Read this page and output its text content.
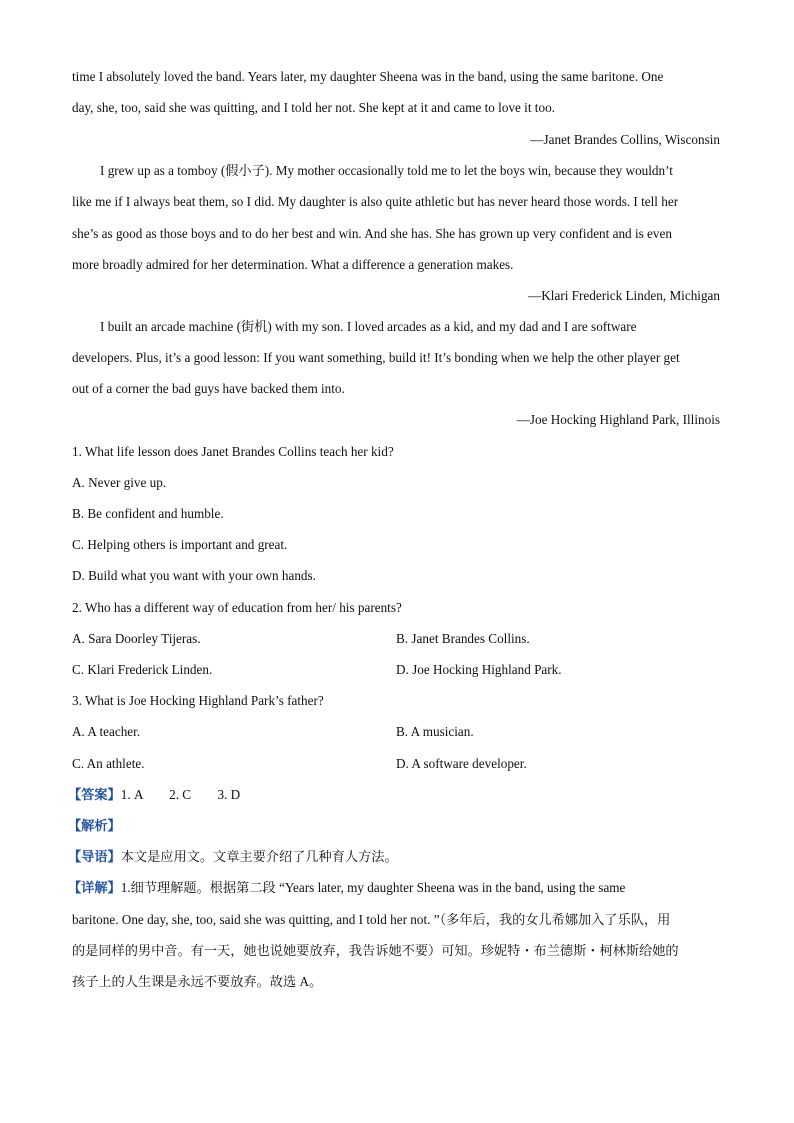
time I absolutely loved the band. Years later, my daughter Sheena was in the band, using the same baritone. One
day, she, too, said she was quitting, and I told her not. She kept at it and came to love it too.
—Janet Brandes Collins, Wisconsin
I grew up as a tomboy (假小子). My mother occasionally told me to let the boys win, because they wouldn’t
like me if I always beat them, so I did. My daughter is also quite athletic but has never heard those words. I tell her
she’s as good as those boys and to do her best and win. And she has. She has grown up very confident and is even
more broadly admired for her determination. What a difference a generation makes.
—Klari Frederick Linden, Michigan
I built an arcade machine (街机) with my son. I loved arcades as a kid, and my dad and I are software
developers. Plus, it’s a good lesson: If you want something, build it! It’s bonding when we help the other player get
out of a corner the bad guys have backed them into.
—Joe Hocking Highland Park, Illinois
1. What life lesson does Janet Brandes Collins teach her kid?
A. Never give up.
B. Be confident and humble.
C. Helping others is important and great.
D. Build what you want with your own hands.
2. Who has a different way of education from her/ his parents?
A. Sara Doorley Tijeras.	B. Janet Brandes Collins.
C. Klari Frederick Linden.	D. Joe Hocking Highland Park.
3. What is Joe Hocking Highland Park’s father?
A. A teacher.	B. A musician.
C. An athlete.	D. A software developer.
【答案】1. A        2. C        3. D
【解析】
【导语】本文是应用文。文章主要介绍了几种育人方法。
【详解】1.细节理解题。根据第二段 “Years later, my daughter Sheena was in the band, using the same
baritone. One day, she, too, said she was quitting, and I told her not. ”（多年后，我的女儿希娜加入了乐队，用
的是同样的男中音。有一天，她也说她要放弃，我告诉她不要）可知。珍妮特・布兰德斯・柯林斯给她的
孩子上的人生课是永远不要放弃。故选 A。
